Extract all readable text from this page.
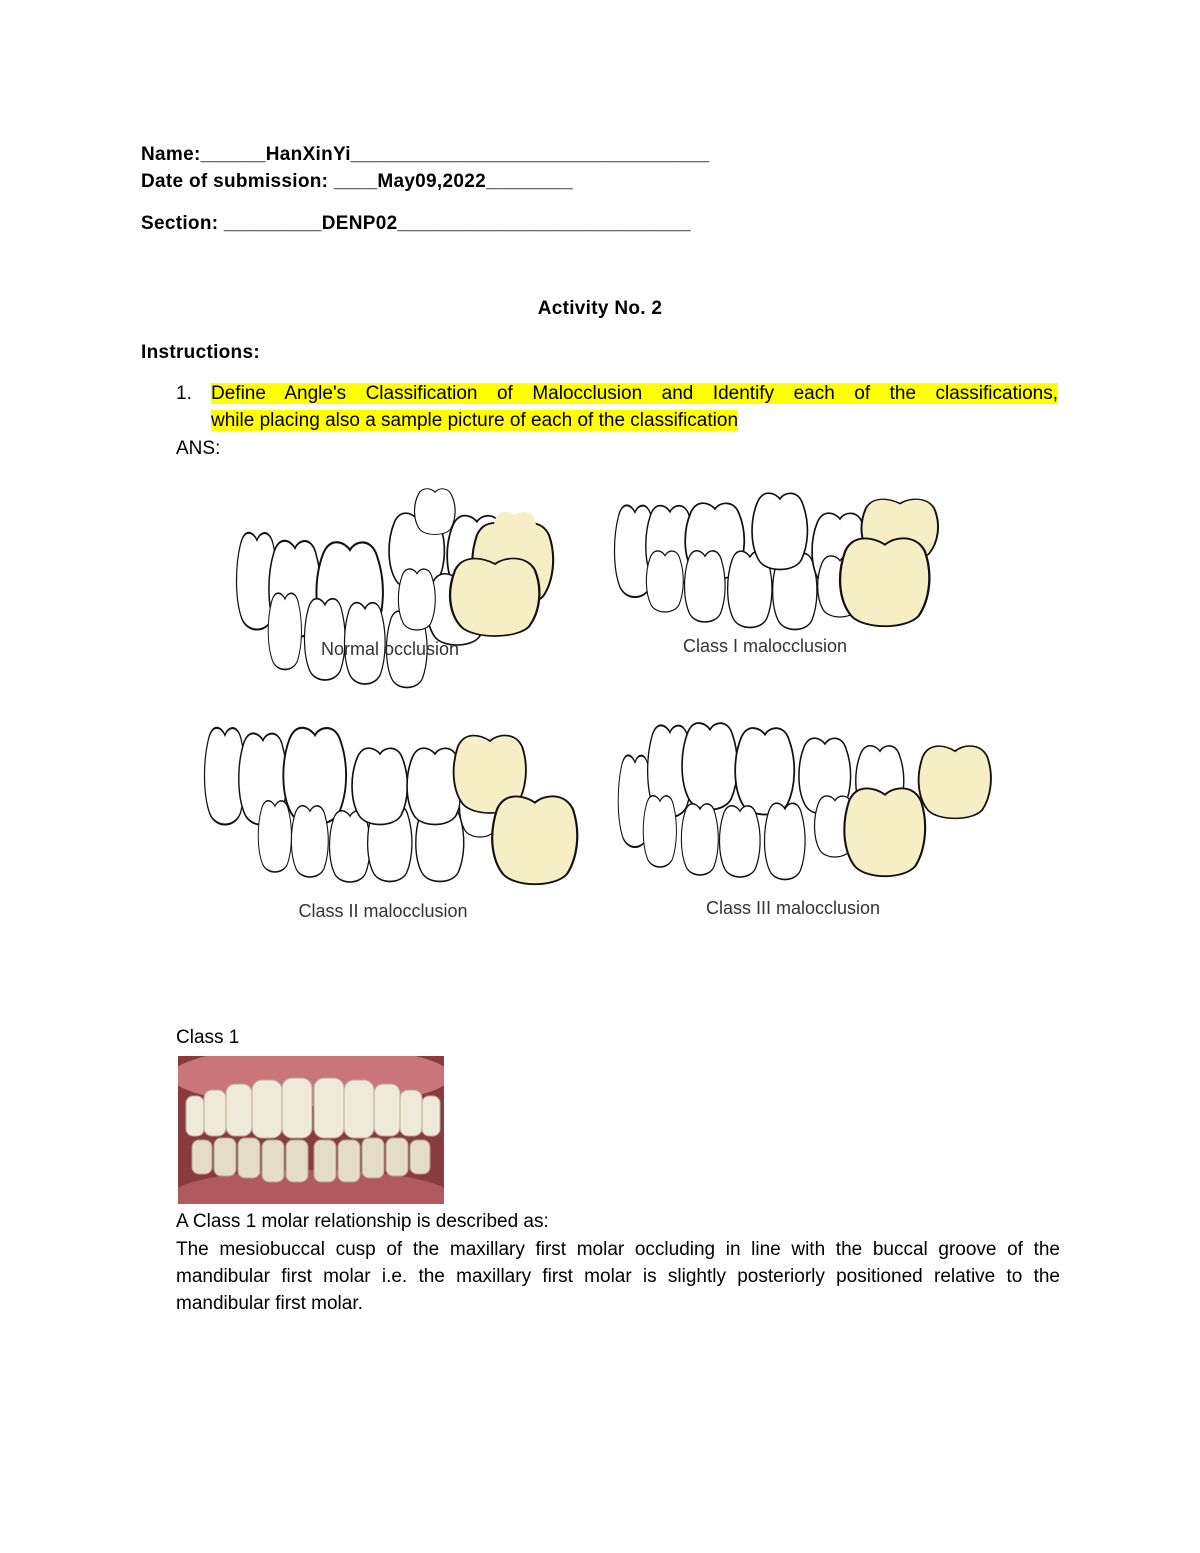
Name:______HanXinYi_________________________________
Date of submission: ____May09,2022________
Section: _________DENP02___________________________
Activity No. 2
Instructions:
1. Define Angle's Classification of Malocclusion and Identify each of the classifications,
while placing also a sample picture of each of the classification
ANS:
Normal occlusion	Class I malocclusion
Class II malocclusion	Class III malocclusion
Class 1
A Class 1 molar relationship is described as:
The mesiobuccal cusp of the maxillary first molar occluding in line with the buccal groove of the mandibular first molar i.e. the maxillary first molar is slightly posteriorly positioned relative to the mandibular first molar.
